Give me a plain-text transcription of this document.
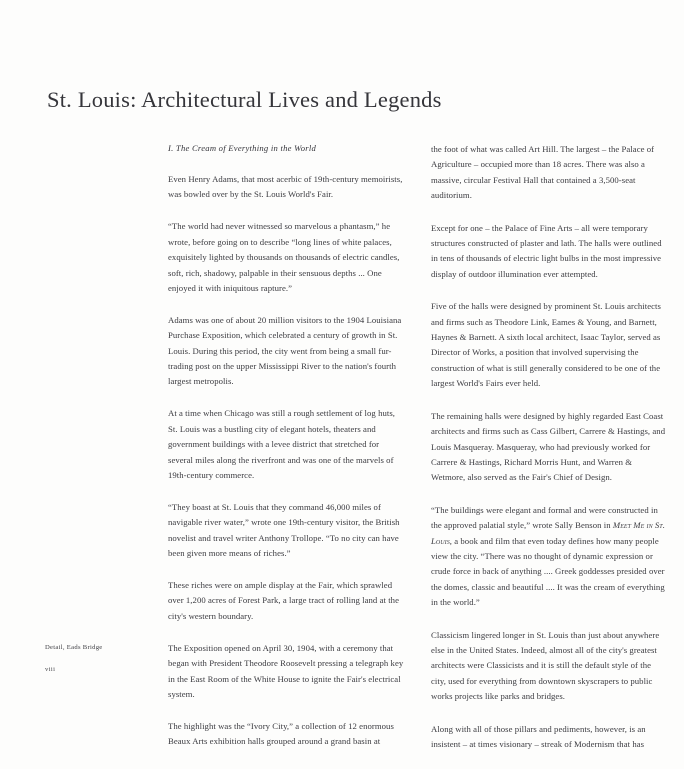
St. Louis: Architectural Lives and Legends
I. The Cream of Everything in the World

Even Henry Adams, that most acerbic of 19th-century memoirists, was bowled over by the St. Louis World's Fair.

“The world had never witnessed so marvelous a phantasm,” he wrote, before going on to describe “long lines of white palaces, exquisitely lighted by thousands on thousands of electric candles, soft, rich, shadowy, palpable in their sensuous depths ... One enjoyed it with iniquitous rapture.”

Adams was one of about 20 million visitors to the 1904 Louisiana Purchase Exposition, which celebrated a century of growth in St. Louis. During this period, the city went from being a small fur-trading post on the upper Mississippi River to the nation's fourth largest metropolis.

At a time when Chicago was still a rough settlement of log huts, St. Louis was a bustling city of elegant hotels, theaters and government buildings with a levee district that stretched for several miles along the riverfront and was one of the marvels of 19th-century commerce.

“They boast at St. Louis that they command 46,000 miles of navigable river water,” wrote one 19th-century visitor, the British novelist and travel writer Anthony Trollope. “To no city can have been given more means of riches.”

These riches were on ample display at the Fair, which sprawled over 1,200 acres of Forest Park, a large tract of rolling land at the city's western boundary.

The Exposition opened on April 30, 1904, with a ceremony that began with President Theodore Roosevelt pressing a telegraph key in the East Room of the White House to ignite the Fair's electrical system.

The highlight was the “Ivory City,” a collection of 12 enormous Beaux Arts exhibition halls grouped around a grand basin at

the foot of what was called Art Hill. The largest – the Palace of Agriculture – occupied more than 18 acres. There was also a massive, circular Festival Hall that contained a 3,500-seat auditorium.

Except for one – the Palace of Fine Arts – all were temporary structures constructed of plaster and lath. The halls were outlined in tens of thousands of electric light bulbs in the most impressive display of outdoor illumination ever attempted.

Five of the halls were designed by prominent St. Louis architects and firms such as Theodore Link, Eames & Young, and Barnett, Haynes & Barnett. A sixth local architect, Isaac Taylor, served as Director of Works, a position that involved supervising the construction of what is still generally considered to be one of the largest World's Fairs ever held.

The remaining halls were designed by highly regarded East Coast architects and firms such as Cass Gilbert, Carrere & Hastings, and Louis Masqueray. Masqueray, who had previously worked for Carrere & Hastings, Richard Morris Hunt, and Warren & Wetmore, also served as the Fair's Chief of Design.

“The buildings were elegant and formal and were constructed in the approved palatial style,” wrote Sally Benson in Meet Me in St. Louis, a book and film that even today defines how many people view the city. “There was no thought of dynamic expression or crude force in back of anything .... Greek goddesses presided over the domes, classic and beautiful .... It was the cream of everything in the world.”

Classicism lingered longer in St. Louis than just about anywhere else in the United States. Indeed, almost all of the city's greatest architects were Classicists and it is still the default style of the city, used for everything from downtown skyscrapers to public works projects like parks and bridges.

Along with all of those pillars and pediments, however, is an insistent – at times visionary – streak of Modernism that has

Detail, Eads Bridge
viii
